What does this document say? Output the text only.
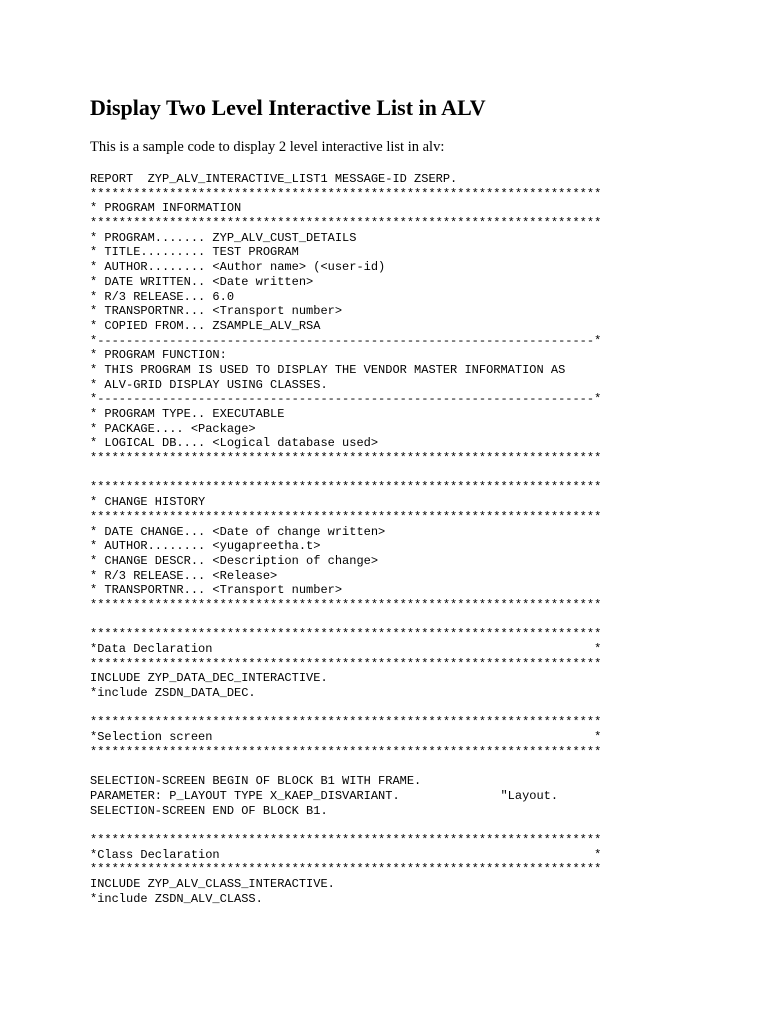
Display Two Level Interactive List in ALV

This is a sample code to display 2 level interactive list in alv:

REPORT  ZYP_ALV_INTERACTIVE_LIST1 MESSAGE-ID ZSERP.
***********************************************************************
* PROGRAM INFORMATION
***********************************************************************
* PROGRAM....... ZYP_ALV_CUST_DETAILS
* TITLE......... TEST PROGRAM
* AUTHOR........ <Author name> (<user-id)
* DATE WRITTEN.. <Date written>
* R/3 RELEASE... 6.0
* TRANSPORTNR... <Transport number>
* COPIED FROM... ZSAMPLE_ALV_RSA
*---------------------------------------------------------------------*
* PROGRAM FUNCTION:
* THIS PROGRAM IS USED TO DISPLAY THE VENDOR MASTER INFORMATION AS
* ALV-GRID DISPLAY USING CLASSES.
*---------------------------------------------------------------------*
* PROGRAM TYPE.. EXECUTABLE
* PACKAGE.... <Package>
* LOGICAL DB.... <Logical database used>
***********************************************************************
***********************************************************************
* CHANGE HISTORY
***********************************************************************
* DATE CHANGE... <Date of change written>
* AUTHOR........ <yugapreetha.t>
* CHANGE DESCR.. <Description of change>
* R/3 RELEASE... <Release>
* TRANSPORTNR... <Transport number>
***********************************************************************
***********************************************************************
*Data Declaration                                                     *
***********************************************************************
INCLUDE ZYP_DATA_DEC_INTERACTIVE.
*include ZSDN_DATA_DEC.
***********************************************************************
*Selection screen                                                     *
***********************************************************************
SELECTION-SCREEN BEGIN OF BLOCK B1 WITH FRAME.
PARAMETER: P_LAYOUT TYPE X_KAEP_DISVARIANT.              "Layout.
SELECTION-SCREEN END OF BLOCK B1.
***********************************************************************
*Class Declaration                                                    *
***********************************************************************
INCLUDE ZYP_ALV_CLASS_INTERACTIVE.
*include ZSDN_ALV_CLASS.
